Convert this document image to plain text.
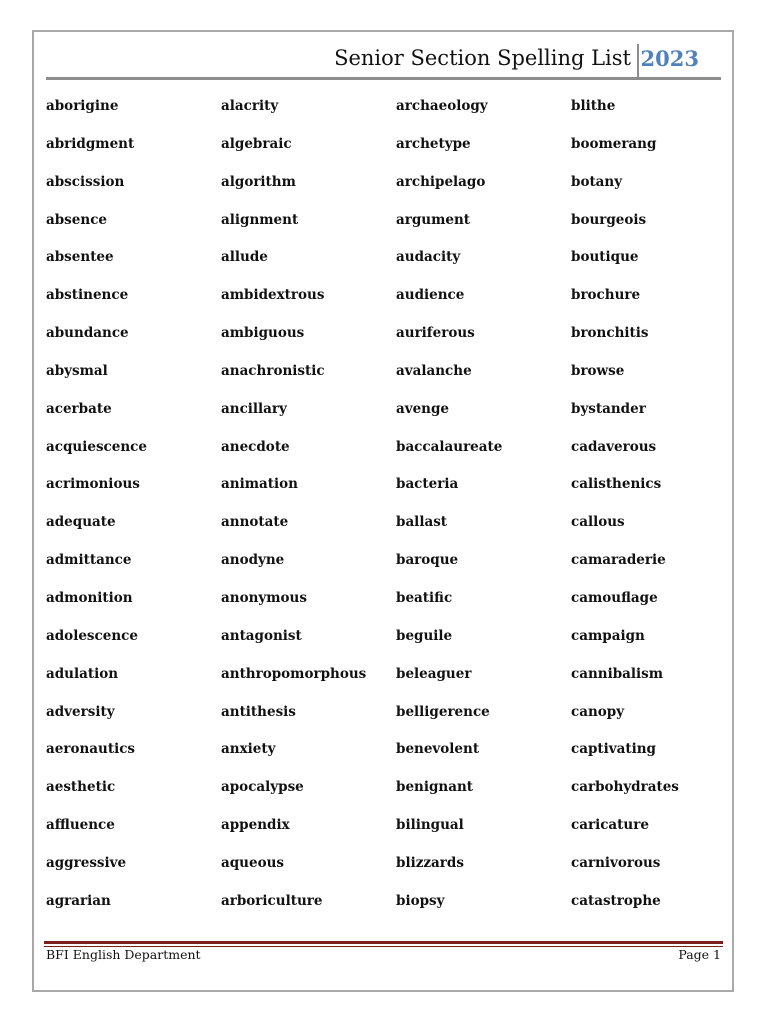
Senior Section Spelling List 2023
aborigine	alacrity	archaeology	blithe
abridgment	algebraic	archetype	boomerang
abscission	algorithm	archipelago	botany
absence	alignment	argument	bourgeois
absentee	allude	audacity	boutique
abstinence	ambidextrous	audience	brochure
abundance	ambiguous	auriferous	bronchitis
abysmal	anachronistic	avalanche	browse
acerbate	ancillary	avenge	bystander
acquiescence	anecdote	baccalaureate	cadaverous
acrimonious	animation	bacteria	calisthenics
adequate	annotate	ballast	callous
admittance	anodyne	baroque	camaraderie
admonition	anonymous	beatific	camouflage
adolescence	antagonist	beguile	campaign
adulation	anthropomorphous	beleaguer	cannibalism
adversity	antithesis	belligerence	canopy
aeronautics	anxiety	benevolent	captivating
aesthetic	apocalypse	benignant	carbohydrates
affluence	appendix	bilingual	caricature
aggressive	aqueous	blizzards	carnivorous
agrarian	arboriculture	biopsy	catastrophe
BFI English Department	Page 1
